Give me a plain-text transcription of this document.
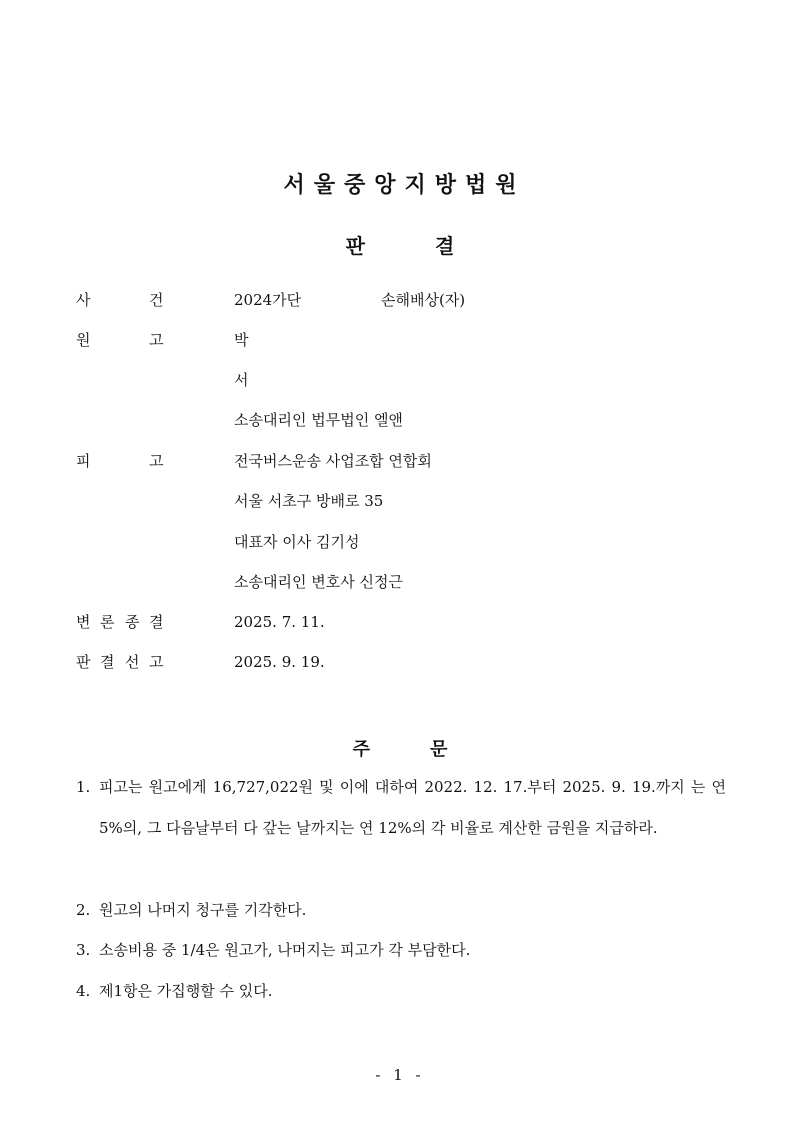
서울중앙지방법원
판	결
사	건	2024가단	손해배상(자)
원	고	박
서
소송대리인 법무법인 엘앤
피	고	전국버스운송 사업조합 연합회
서울 서초구 방배로 35
대표자 이사 김기성
소송대리인 변호사 신정근
변 론 종 결	2025. 7. 11.
판 결 선 고	2025. 9. 19.
주	문
1. 피고는 원고에게 16,727,022원 및 이에 대하여 2022. 12. 17.부터 2025. 9. 19.까지 는 연 5%의, 그 다음날부터 다 갚는 날까지는 연 12%의 각 비율로 계산한 금원을 지급하라.
2. 원고의 나머지 청구를 기각한다.
3. 소송비용 중 1/4은 원고가, 나머지는 피고가 각 부담한다.
4. 제1항은 가집행할 수 있다.
- 1 -
